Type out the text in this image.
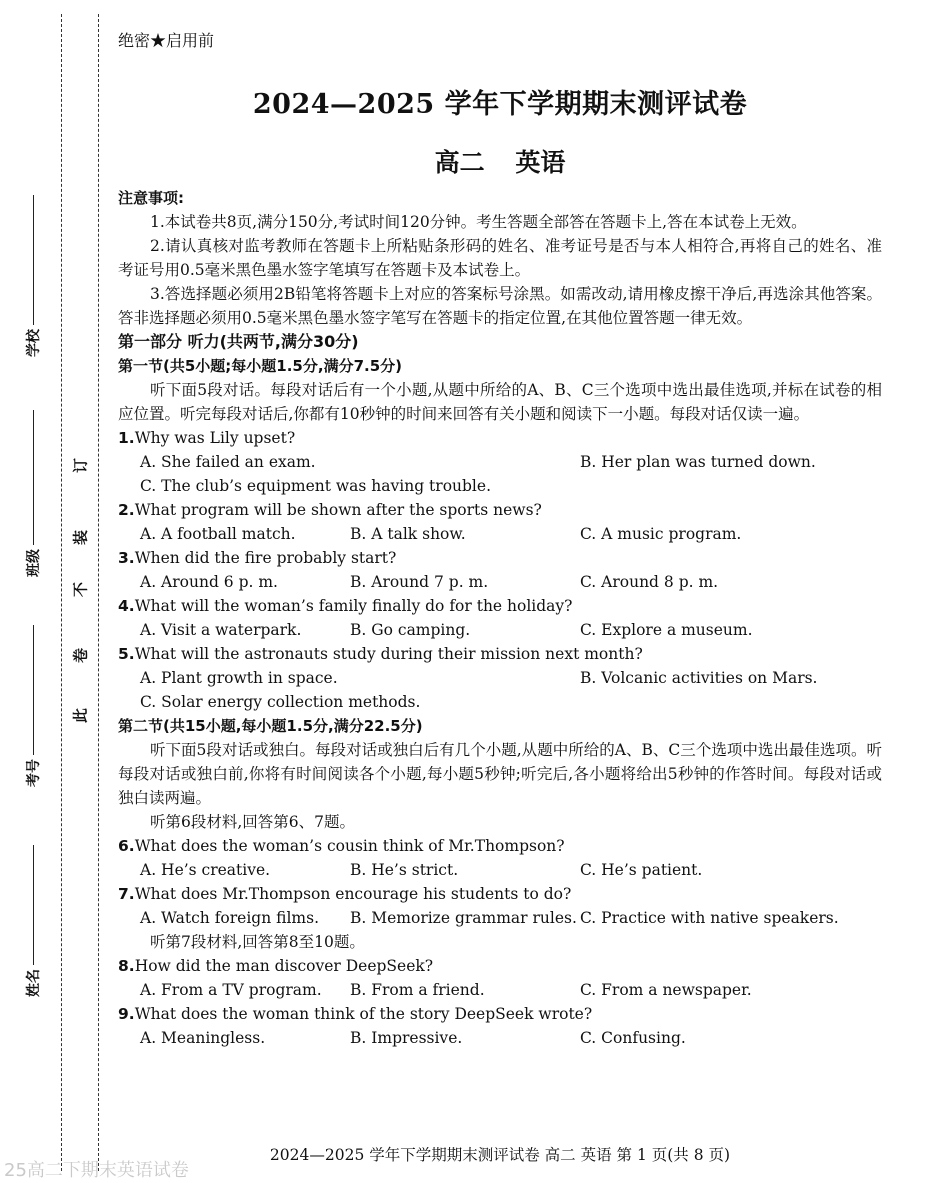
订
装
不
卷
此
学校
班级
考号
姓名
绝密★启用前
2024—2025 学年下学期期末测评试卷
高二 英语

注意事项:

1.本试卷共8页,满分150分,考试时间120分钟。考生答题全部答在答题卡上,答在本试卷上无效。

2.请认真核对监考教师在答题卡上所粘贴条形码的姓名、准考证号是否与本人相符合,再将自己的姓名、准考证号用0.5毫米黑色墨水签字笔填写在答题卡及本试卷上。

3.答选择题必须用2B铅笔将答题卡上对应的答案标号涂黑。如需改动,请用橡皮擦干净后,再选涂其他答案。答非选择题必须用0.5毫米黑色墨水签字笔写在答题卡的指定位置,在其他位置答题一律无效。

第一部分 听力(共两节,满分30分)

第一节(共5小题;每小题1.5分,满分7.5分)

听下面5段对话。每段对话后有一个小题,从题中所给的A、B、C三个选项中选出最佳选项,并标在试卷的相应位置。听完每段对话后,你都有10秒钟的时间来回答有关小题和阅读下一小题。每段对话仅读一遍。

1. Why was Lily upset?
A. She failed an exam.	B. Her plan was turned down.
C. The club’s equipment was having trouble.
2. What program will be shown after the sports news?
A. A football match.	B. A talk show.	C. A music program.
3. When did the fire probably start?
A. Around 6 p. m.	B. Around 7 p. m.	C. Around 8 p. m.
4. What will the woman’s family finally do for the holiday?
A. Visit a waterpark.	B. Go camping.	C. Explore a museum.
5. What will the astronauts study during their mission next month?
A. Plant growth in space.	B. Volcanic activities on Mars.
C. Solar energy collection methods.

第二节(共15小题,每小题1.5分,满分22.5分)

听下面5段对话或独白。每段对话或独白后有几个小题,从题中所给的A、B、C三个选项中选出最佳选项。听每段对话或独白前,你将有时间阅读各个小题,每小题5秒钟;听完后,各小题将给出5秒钟的作答时间。每段对话或独白读两遍。

听第6段材料,回答第6、7题。

6. What does the woman’s cousin think of Mr.Thompson?
A. He’s creative.	B. He’s strict.	C. He’s patient.
7. What does Mr.Thompson encourage his students to do?
A. Watch foreign films.	B. Memorize grammar rules. C. Practice with native speakers.

听第7段材料,回答第8至10题。

8. How did the man discover DeepSeek?
A. From a TV program.	B. From a friend.	C. From a newspaper.
9. What does the woman think of the story DeepSeek wrote?
A. Meaningless.	B. Impressive.	C. Confusing.
2024—2025 学年下学期期末测评试卷 高二 英语 第 1 页(共 8 页)
25高二下期末英语试卷
